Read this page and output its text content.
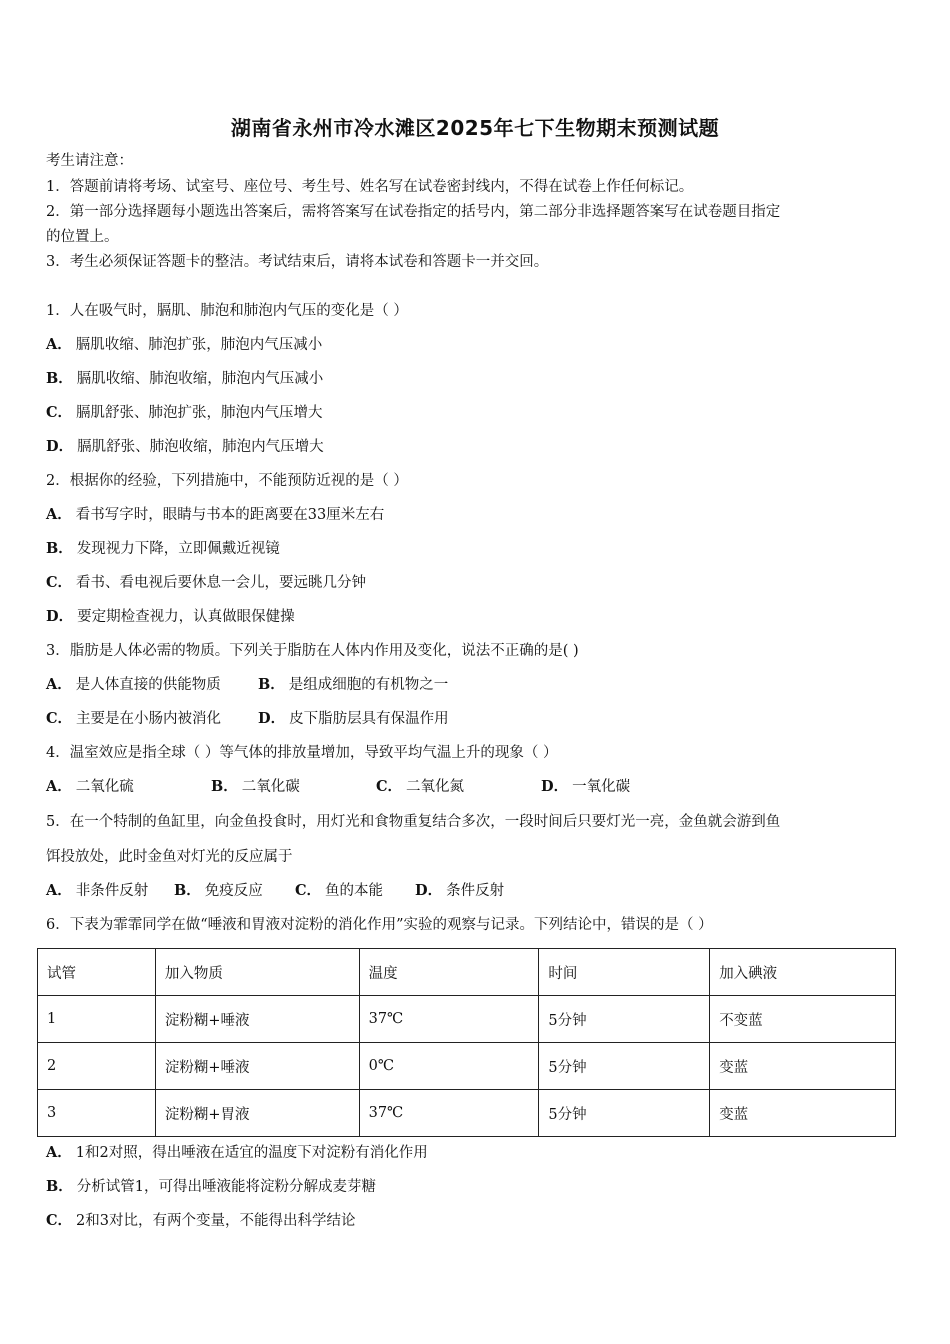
湖南省永州市冷水滩区2025年七下生物期末预测试题
考生请注意：
1．答题前请将考场、试室号、座位号、考生号、姓名写在试卷密封线内，不得在试卷上作任何标记。
2．第一部分选择题每小题选出答案后，需将答案写在试卷指定的括号内，第二部分非选择题答案写在试卷题目指定
的位置上。
3．考生必须保证答题卡的整洁。考试结束后，请将本试卷和答题卡一并交回。
1．人在吸气时，膈肌、肺泡和肺泡内气压的变化是（ ）
A． 膈肌收缩、肺泡扩张，肺泡内气压减小
B． 膈肌收缩、肺泡收缩，肺泡内气压减小
C． 膈肌舒张、肺泡扩张，肺泡内气压增大
D． 膈肌舒张、肺泡收缩，肺泡内气压增大
2．根据你的经验，下列措施中，不能预防近视的是（ ）
A． 看书写字时，眼睛与书本的距离要在33厘米左右
B． 发现视力下降，立即佩戴近视镜
C． 看书、看电视后要休息一会儿，要远眺几分钟
D． 要定期检查视力，认真做眼保健操
3．脂肪是人体必需的物质。下列关于脂肪在人体内作用及变化，说法不正确的是( )
A． 是人体直接的供能物质	B． 是组成细胞的有机物之一
C． 主要是在小肠内被消化	D． 皮下脂肪层具有保温作用
4．温室效应是指全球（ ）等气体的排放量增加，导致平均气温上升的现象（ ）
A． 二氧化硫	B． 二氧化碳	C． 二氧化氮	D． 一氧化碳
5．在一个特制的鱼缸里，向金鱼投食时，用灯光和食物重复结合多次，一段时间后只要灯光一亮，金鱼就会游到鱼
饵投放处，此时金鱼对灯光的反应属于
A． 非条件反射 B． 免疫反应 C． 鱼的本能 D． 条件反射
6．下表为霏霏同学在做“唾液和胃液对淀粉的消化作用”实验的观察与记录。下列结论中，错误的是（ ）
试管	加入物质	温度	时间	加入碘液
1	淀粉糊+唾液	37℃	5分钟	不变蓝
2	淀粉糊+唾液	0℃	5分钟	变蓝
3	淀粉糊+胃液	37℃	5分钟	变蓝
A． 1和2对照，得出唾液在适宜的温度下对淀粉有消化作用
B． 分析试管1，可得出唾液能将淀粉分解成麦芽糖
C． 2和3对比，有两个变量，不能得出科学结论
